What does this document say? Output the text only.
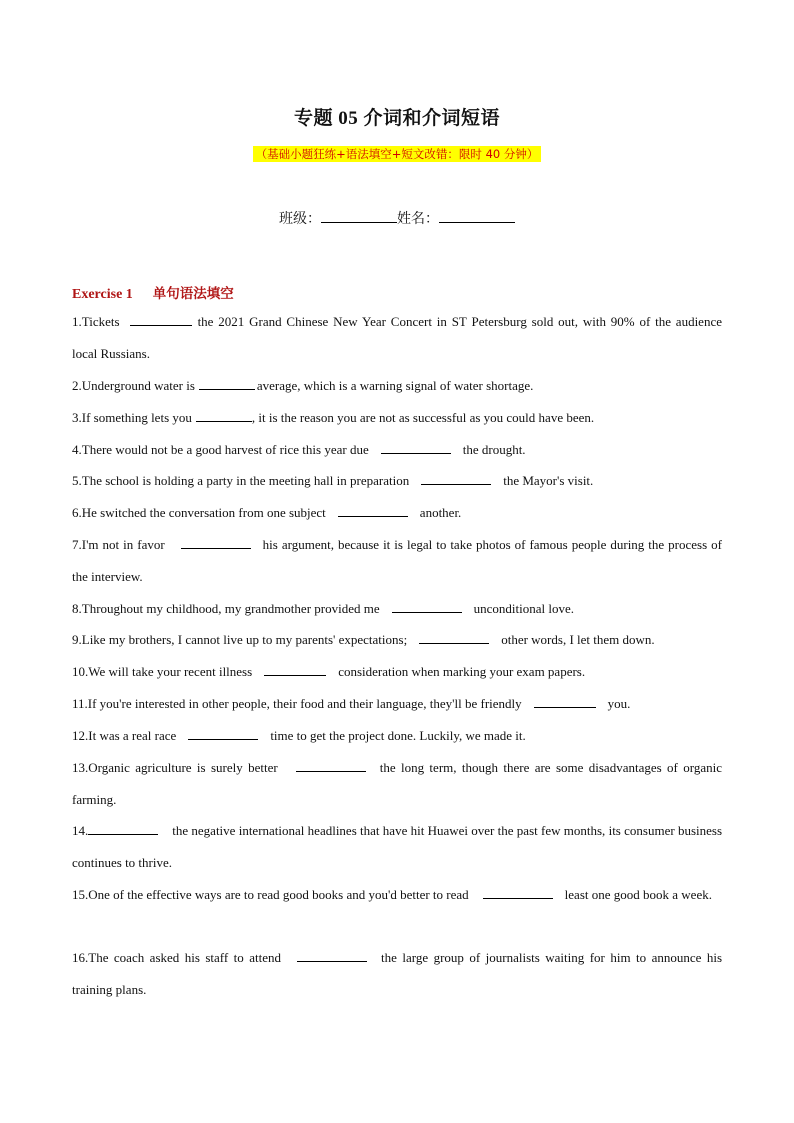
专题 05 介词和介词短语
（基础小题狂练+语法填空+短文改错：限时 40 分钟）
班级：	姓名：
Exercise 1 单句语法填空
1.Tickets	the 2021 Grand Chinese New Year Concert in ST Petersburg sold out, with 90% of the audience local Russians.
2.Underground water is	average, which is a warning signal of water shortage.
3.If something lets you	, it is the reason you are not as successful as you could have been.
4.There would not be a good harvest of rice this year due	the drought.
5.The school is holding a party in the meeting hall in preparation	the Mayor's visit.
6.He switched the conversation from one subject	another.
7.I'm not in favor	his argument, because it is legal to take photos of famous people during the process of the interview.
8.Throughout my childhood, my grandmother provided me	unconditional love.
9.Like my brothers, I cannot live up to my parents' expectations;	other words, I let them down.
10.We will take your recent illness	consideration when marking your exam papers.
11.If you're interested in other people, their food and their language, they'll be friendly	you.
12.It was a real race	time to get the project done. Luckily, we made it.
13.Organic agriculture is surely better	the long term, though there are some disadvantages of organic farming.
14.	the negative international headlines that have hit Huawei over the past few months, its consumer business continues to thrive.
15.One of the effective ways are to read good books and you'd better to read	least one good book a week.
16.The coach asked his staff to attend	the large group of journalists waiting for him to announce his training plans.
